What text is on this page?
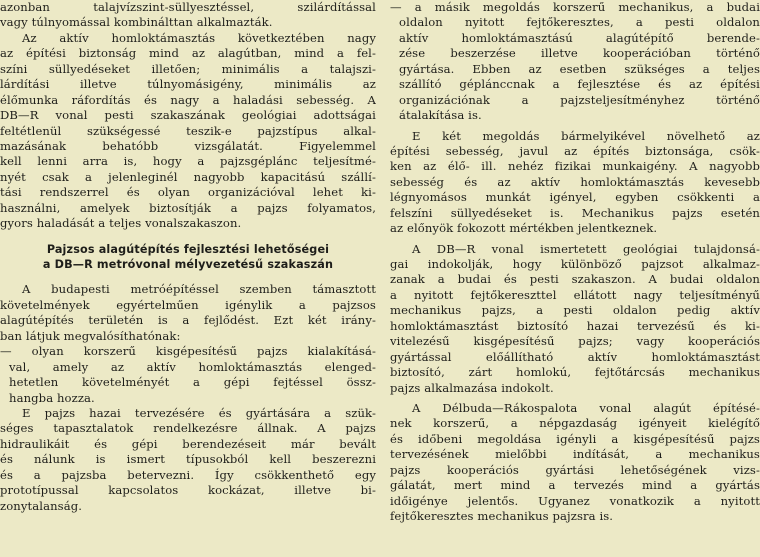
azonban talajvízszint-süllyesztéssel, szilárdítással
vagy túlnyomással kombinálttan alkalmazták.
Az aktív homloktámasztás következtében nagy
az építési biztonság mind az alagútban, mind a fel-
színi süllyedéseket illetően; minimális a talajszi-
lárdítási illetve túlnyomásigény, minimális az
élőmunka ráfordítás és nagy a haladási sebesség. A
DB—R vonal pesti szakaszának geológiai adottságai
feltétlenül szükségessé teszik-e pajzstípus alkal-
mazásának behatóbb vizsgálatát. Figyelemmel
kell lenni arra is, hogy a pajzsgéplánc teljesítmé-
nyét csak a jelenleginél nagyobb kapacitású szállí-
tási rendszerrel és olyan organizációval lehet ki-
használni, amelyek biztosítják a pajzs folyamatos,
gyors haladását a teljes vonalszakaszon.
Pajzsos alagútépítés fejlesztési lehetőségei
a DB—R metróvonal mélyvezetésű szakaszán
A budapesti metróépítéssel szemben támasztott
követelmények egyértelműen igénylik a pajzsos
alagútépítés területén is a fejlődést. Ezt két irány-
ban látjuk megvalósíthatónak:
— olyan korszerű kisgépesítésű pajzs kialakításá-
val, amely az aktív homloktámasztás elenged-
hetetlen követelményét a gépi fejtéssel össz-
hangba hozza.
E pajzs hazai tervezésére és gyártására a szük-
séges tapasztalatok rendelkezésre állnak. A pajzs
hidraulikáit és gépi berendezéseit már bevált
és nálunk is ismert típusokból kell beszerezni
és a pajzsba betervezni. Így csökkenthető egy
prototípussal kapcsolatos kockázat, illetve bi-
zonytalanság.
— a másik megoldás korszerű mechanikus, a budai
oldalon nyitott fejtőkeresztes, a pesti oldalon
aktív homloktámasztású alagútépítő berende-
zése beszerzése illetve kooperációban történő
gyártása. Ebben az esetben szükséges a teljes
szállító géplánccnak a fejlesztése és az építési
organizációnak a pajzsteljesítményhez történő
átalakítása is.
E két megoldás bármelyikével növelhető az
építési sebesség, javul az építés biztonsága, csök-
ken az élő- ill. nehéz fizikai munkaigény. A nagyobb
sebesség és az aktív homloktámasztás kevesebb
légnyomásos munkát igényel, egyben csökkenti a
felszíni süllyedéseket is. Mechanikus pajzs esetén
az előnyök fokozott mértékben jelentkeznek.
A DB—R vonal ismertetett geológiai tulajdonsá-
gai indokolják, hogy különböző pajzsot alkalmaz-
zanak a budai és pesti szakaszon. A budai oldalon
a nyitott fejtőkereszttel ellátott nagy teljesítményű
mechanikus pajzs, a pesti oldalon pedig aktív
homloktámasztást biztosító hazai tervezésű és ki-
vitelezésű kisgépesítésű pajzs; vagy kooperációs
gyártással előállítható aktív homloktámasztást
biztosító, zárt homlokú, fejtőtárcsás mechanikus
pajzs alkalmazása indokolt.
A Délbuda—Rákospalota vonal alagút építésé-
nek korszerű, a népgazdaság igényeit kielégítő
és időbeni megoldása igényli a kisgépesítésű pajzs
tervezésének mielőbbi indítását, a mechanikus
pajzs kooperációs gyártási lehetőségének vizs-
gálatát, mert mind a tervezés mind a gyártás
időigénye jelentős. Ugyanez vonatkozik a nyitott
fejtőkeresztes mechanikus pajzsra is.
